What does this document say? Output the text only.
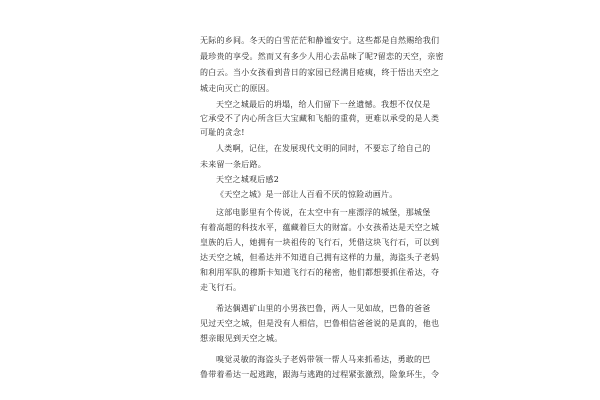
无际的乡间。冬天的白雪茫茫和静谧安宁。这些都是自然赐给我们
最珍贵的享受。然而又有多少人用心去品味了呢?留恋的天空，亲密
的白云。当小女孩看到昔日的家园已经满目疮痍，终于悟出天空之
城走向灭亡的原因。
天空之城最后的坍塌，给人们留下一丝遗憾。我想不仅仅是
它承受不了内心所含巨大宝藏和飞船的重荷，更难以承受的是人类
可耻的贪念!
人类啊，记住，在发展现代文明的同时，不要忘了给自己的
未来留一条后路。
天空之城观后感2
《天空之城》是一部让人百看不厌的惊险动画片。
这部电影里有个传说，在太空中有一座漂浮的城堡，那城堡
有着高超的科技水平，蕴藏着巨大的财富。小女孩希达是天空之城
皇族的后人，她拥有一块祖传的飞行石，凭借这块飞行石，可以到
达天空之城，但希达并不知道自己拥有这样的力量，海盗头子老妈
和利用军队的穆斯卡知道飞行石的秘密，他们都想要抓住希达，夺
走飞行石。
希达偶遇矿山里的小男孩巴鲁，两人一见如故，巴鲁的爸爸
见过天空之城，但是没有人相信，巴鲁相信爸爸说的是真的，他也
想亲眼见到天空之城。
嗅觉灵敏的海盗头子老妈带领一帮人马来抓希达，勇敢的巴
鲁带着希达一起逃跑，跟海与逃跑的过程紧张激烈，险象环生，令
